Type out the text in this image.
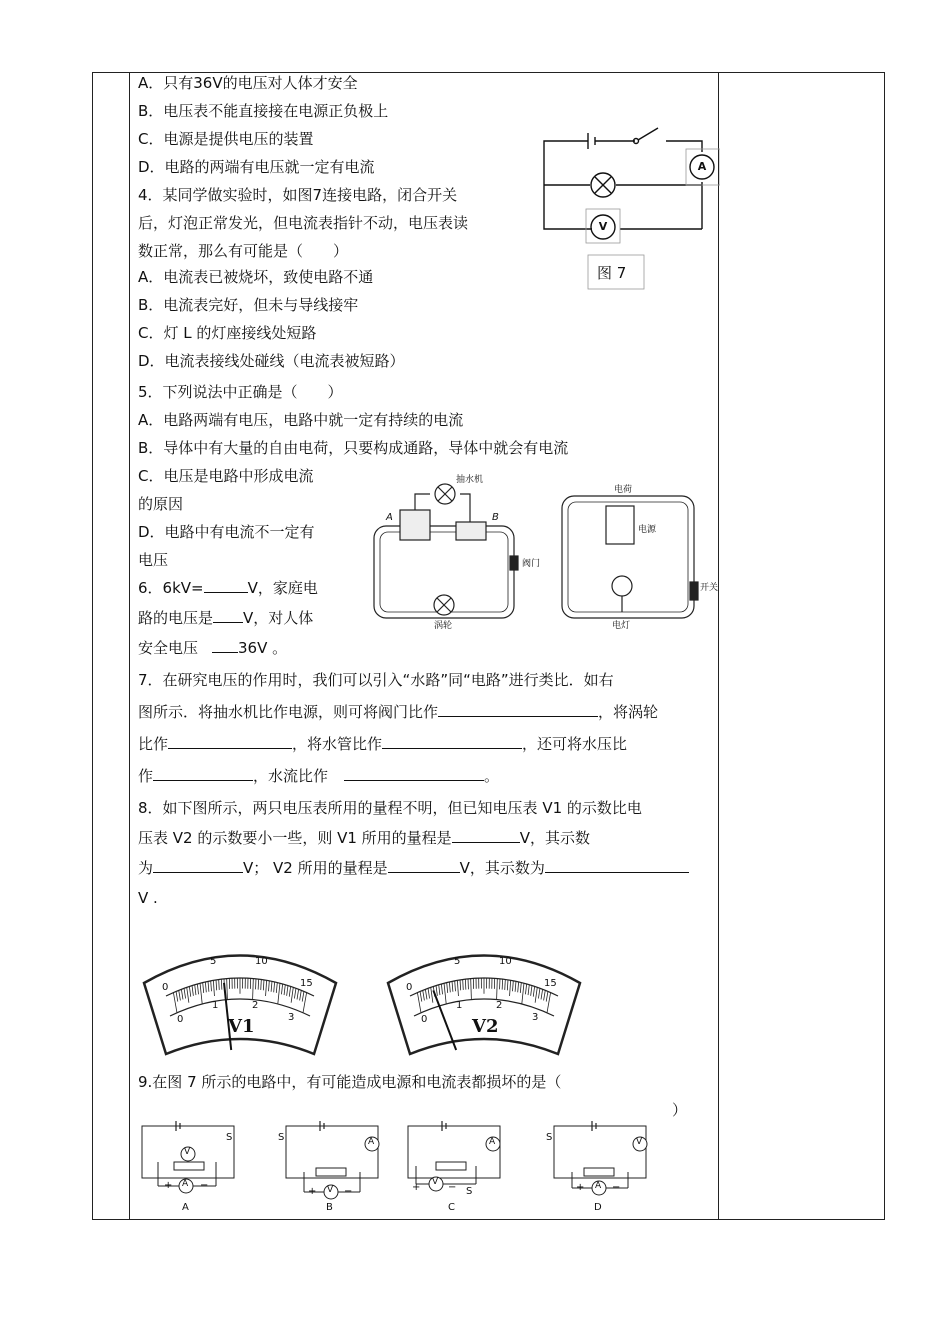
A．只有36V的电压对人体才安全
B．电压表不能直接接在电源正负极上
C．电源是提供电压的装置
D．电路的两端有电压就一定有电流
4．某同学做实验时，如图7连接电路，闭合开关
后，灯泡正常发光，但电流表指针不动，电压表读
数正常，那么有可能是（　　）
B．电流表完好，但未与导线接牢
A．电流表已被烧坏，致使电路不通
C．灯 L 的灯座接线处短路
D．电流表接线处碰线（电流表被短路）
A
V
图 7
5．下列说法中正确是（　　）
A．电路两端有电压，电路中就一定有持续的电流
B．导体中有大量的自由电荷，只要构成通路，导体中就会有电流
C．电压是电路中形成电流
的原因
D．电路中有电流不一定有
电压
抽水机
A	B
阀门
涡轮
电荷
电源
开关
电灯
6．6kV=	V，家庭电
路的电压是 V，对人体
安全电压	36V 。
7．在研究电压的作用时，我们可以引入“水路”同“电路”进行类比．如右
图所示．将抽水机比作电源，则可将阀门比作	，将涡轮
比作	，将水管比作	，还可将水压比
作	，水流比作	。
8．如下图所示，两只电压表所用的量程不明，但已知电压表 V1 的示数比电
压表 V2 的示数要小一些，则 V1 所用的量程是	V，其示数
为	V； V2 所用的量程是	V，其示数为
V .
0
5	10
15
0
1	2
3
V1
0
5	10
15
0
1	2
3
V2
9.在图 7 所示的电路中，有可能造成电源和电流表都损坏的是（
）
V
A
S
+	−
A
A
V
S
+	−
B
A
V
S
+	−
C
V
A
S
+	−
D
